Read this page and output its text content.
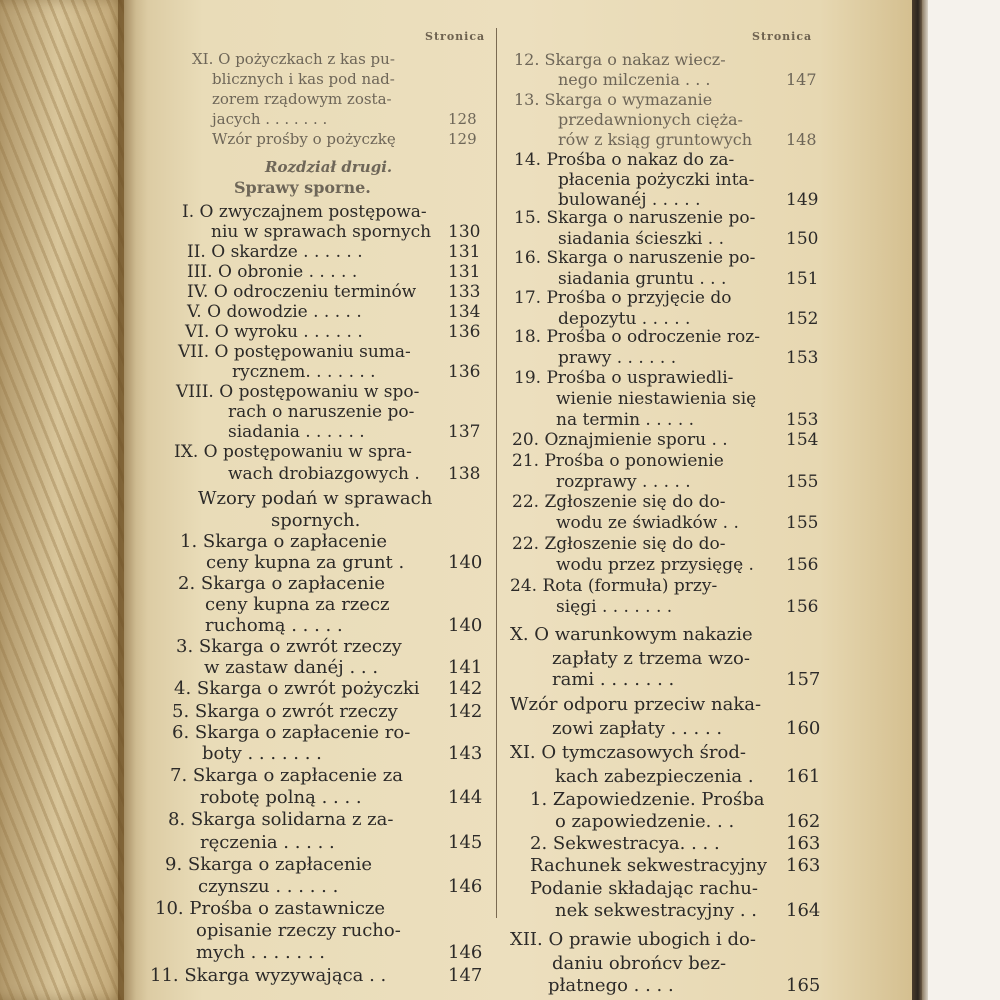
Stronica	Stronica
XI. O pożyczkach z kas pu-
blicznych i kas pod nad-
zorem rządowym zosta-
jacych . . . . . . .	128
Wzór prośby o pożyczkę	129
Rozdział drugi.
Sprawy sporne.
I. O zwyczajnem postępowa-
niu w sprawach spornych 130
II. O skardze . . . . . .	131
III. O obronie . . . . .	131
IV. O odroczeniu terminów 133
V. O dowodzie . . . . .	134
VI. O wyroku . . . . . .	136
VII. O postępowaniu suma-
rycznem. . . . . . .	136
VIII. O postępowaniu w spo-
rach o naruszenie po-
siadania . . . . . .	137
IX. O postępowaniu w spra-
wach drobiazgowych . 138
Wzory podań w sprawach
spornych.
1. Skarga o zapłacenie
ceny kupna za grunt . 140
2. Skarga o zapłacenie
ceny kupna za rzecz
ruchomą . . . . .	140
3. Skarga o zwrót rzeczy
w zastaw danéj . . .	141
4. Skarga o zwrót pożyczki 142
5. Skarga o zwrót rzeczy	142
6. Skarga o zapłacenie ro-
boty . . . . . . .	143
7. Skarga o zapłacenie za
robotę polną . . . .	144
8. Skarga solidarna z za-
ręczenia . . . . .	145
9. Skarga o zapłacenie
czynszu . . . . . .	146
10. Prośba o zastawnicze
opisanie rzeczy rucho-
mych . . . . . . .	146
11. Skarga wyzywająca . .	147
12. Skarga o nakaz wiecz-
nego milczenia . . .	147
13. Skarga o wymazanie
przedawnionych cięża-
rów z ksiąg gruntowych 148
14. Prośba o nakaz do za-
płacenia pożyczki inta-
bulowanéj . . . . .	149
15. Skarga o naruszenie po-
siadania ścieszki . .	150
16. Skarga o naruszenie po-
siadania gruntu . . .	151
17. Prośba o przyjęcie do
depozytu . . . . .	152
18. Prośba o odroczenie roz-
prawy . . . . . .	153
19. Prośba o usprawiedli-
wienie niestawienia się
na termin . . . . .	153
20. Oznajmienie sporu . .	154
21. Prośba o ponowienie
rozprawy . . . . .	155
22. Zgłoszenie się do do-
wodu ze świadków . .	155
22. Zgłoszenie się do do-
wodu przez przysięgę . 156
24. Rota (formuła) przy-
sięgi . . . . . . .	156
X. O warunkowym nakazie
zapłaty z trzema wzo-
rami . . . . . . .	157
Wzór odporu przeciw naka-
zowi zapłaty . . . . .	160
XI. O tymczasowych środ-
kach zabezpieczenia . 161
1. Zapowiedzenie. Prośba
o zapowiedzenie. . .	162
2. Sekwestracya. . . .	163
Rachunek sekwestracyjny 163
Podanie składając rachu-
nek sekwestracyjny . . 164
XII. O prawie ubogich i do-
daniu obrońcv bez-
płatnego . . . .	165
